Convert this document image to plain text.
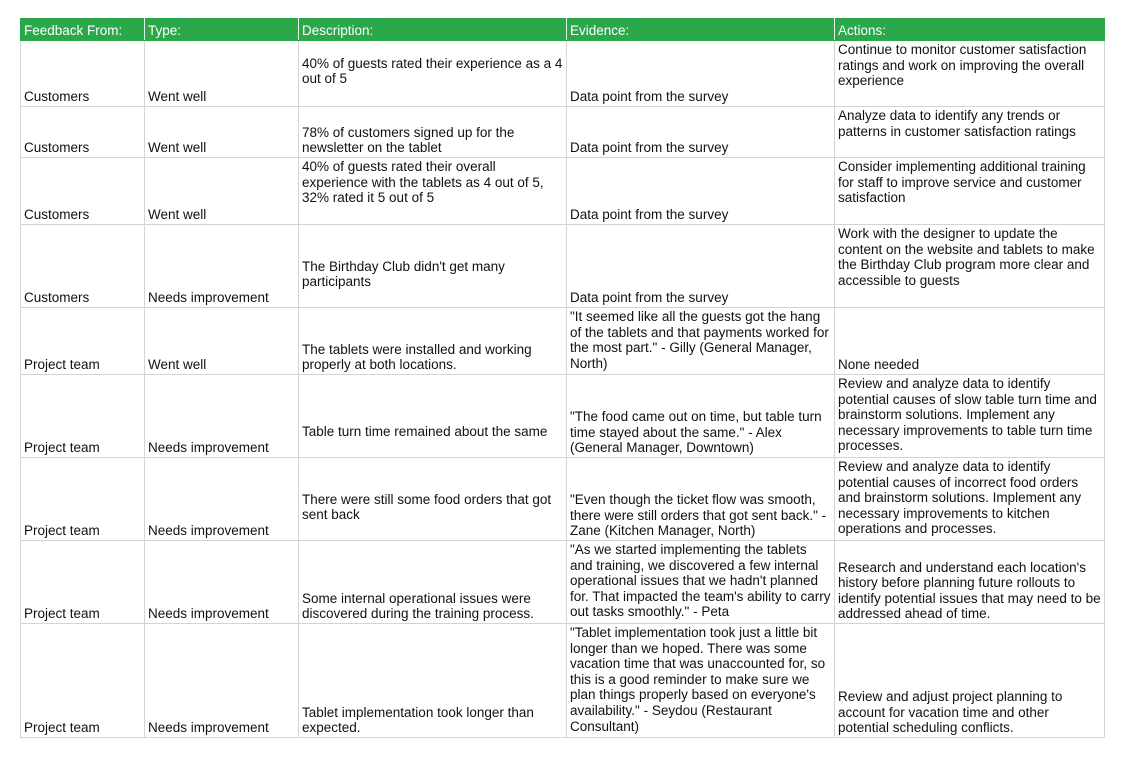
Feedback From:	Type:	Description:	Evidence:	Actions:
Customers	Went well	40% of guests rated their experience as a 4 out of 5	Data point from the survey	Continue to monitor customer satisfaction ratings and work on improving the overall experience
Customers	Went well	78% of customers signed up for the newsletter on the tablet	Data point from the survey	Analyze data to identify any trends or patterns in customer satisfaction ratings
Customers	Went well	40% of guests rated their overall experience with the tablets as 4 out of 5, 32% rated it 5 out of 5	Data point from the survey	Consider implementing additional training for staff to improve service and customer satisfaction
Customers	Needs improvement	The Birthday Club didn't get many participants	Data point from the survey	Work with the designer to update the content on the website and tablets to make the Birthday Club program more clear and accessible to guests
Project team	Went well	The tablets were installed and working properly at both locations.	"It seemed like all the guests got the hang of the tablets and that payments worked for the most part." - Gilly (General Manager, North)	None needed
Project team	Needs improvement	Table turn time remained about the same	"The food came out on time, but table turn time stayed about the same." - Alex (General Manager, Downtown)	Review and analyze data to identify potential causes of slow table turn time and brainstorm solutions. Implement any necessary improvements to table turn time processes.
Project team	Needs improvement	There were still some food orders that got sent back	"Even though the ticket flow was smooth, there were still orders that got sent back." - Zane (Kitchen Manager, North)	Review and analyze data to identify potential causes of incorrect food orders and brainstorm solutions. Implement any necessary improvements to kitchen operations and processes.
Project team	Needs improvement	Some internal operational issues were discovered during the training process.	"As we started implementing the tablets and training, we discovered a few internal operational issues that we hadn't planned for. That impacted the team's ability to carry out tasks smoothly." - Peta	Research and understand each location's history before planning future rollouts to identify potential issues that may need to be addressed ahead of time.
Project team	Needs improvement	Tablet implementation took longer than expected.	"Tablet implementation took just a little bit longer than we hoped. There was some vacation time that was unaccounted for, so this is a good reminder to make sure we plan things properly based on everyone's availability." - Seydou (Restaurant Consultant)	Review and adjust project planning to account for vacation time and other potential scheduling conflicts.
